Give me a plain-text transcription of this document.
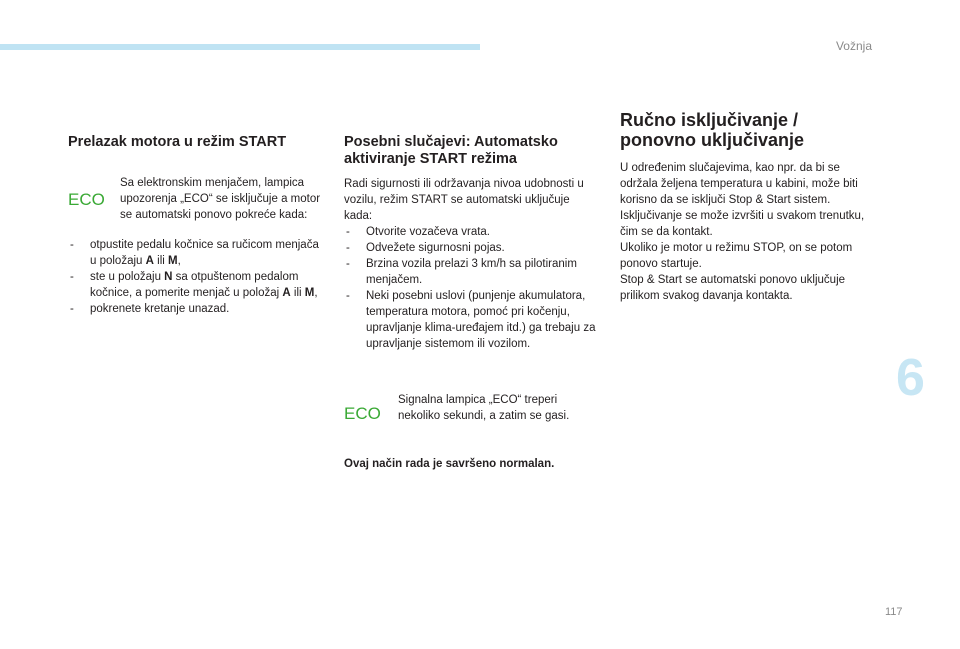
Vožnja
6
117
Prelazak motora u režim START
ECO
Sa elektronskim menjačem, lampica upozorenja „ECO“ se isključuje a motor se automatski ponovo pokreće kada:
- otpustite pedalu kočnice sa ručicom menjača u položaju A ili M,
- ste u položaju N sa otpuštenom pedalom kočnice, a pomerite menjač u položaj A ili M,
- pokrenete kretanje unazad.
Posebni slučajevi: Automatsko aktiviranje START režima

Radi sigurnosti ili održavanja nivoa udobnosti u vozilu, režim START se automatski uključuje kada:

- Otvorite vozačeva vrata.
- Odvežete sigurnosni pojas.
- Brzina vozila prelazi 3 km/h sa pilotiranim menjačem.
- Neki posebni uslovi (punjenje akumulatora, temperatura motora, pomoć pri kočenju, upravljanje klima-uređajem itd.) ga trebaju za upravljanje sistemom ili vozilom.
ECO
Signalna lampica „ECO“ treperi nekoliko sekundi, a zatim se gasi.

Ovaj način rada je savršeno normalan.

Ručno isključivanje / ponovno uključivanje

U određenim slučajevima, kao npr. da bi se održala željena temperatura u kabini, može biti korisno da se isključi Stop & Start sistem.

Isključivanje se može izvršiti u svakom trenutku, čim se da kontakt.

Ukoliko je motor u režimu STOP, on se potom ponovo startuje.

Stop & Start se automatski ponovo uključuje prilikom svakog davanja kontakta.
